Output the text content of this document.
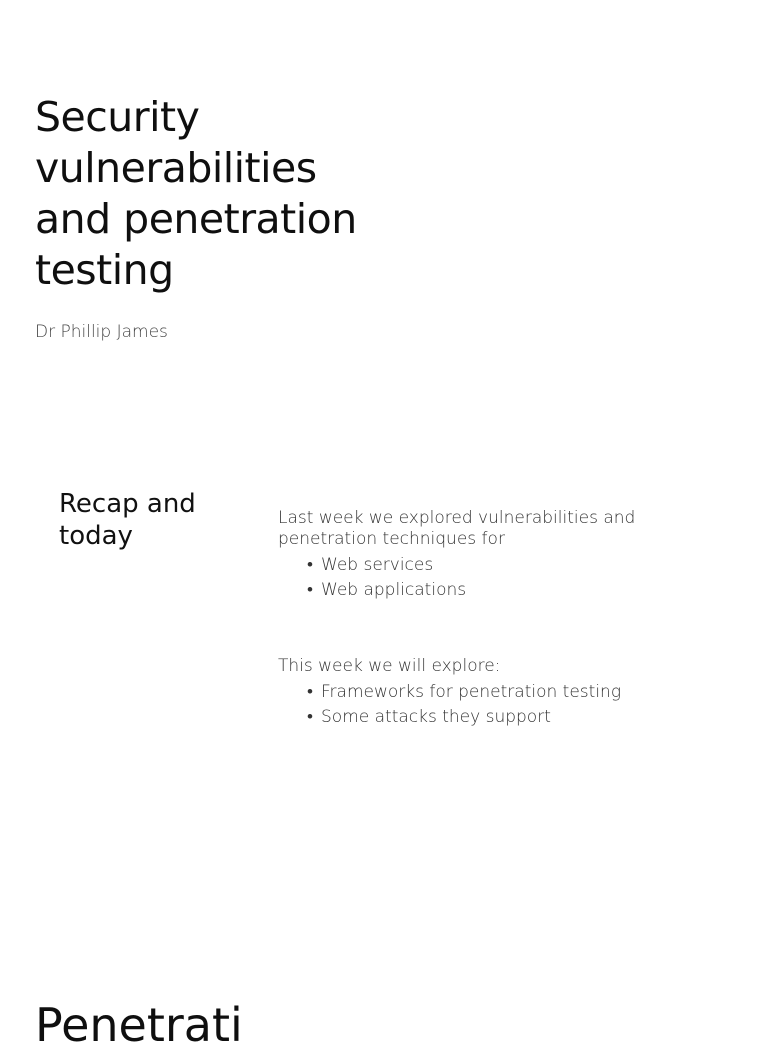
Security
vulnerabilities
and penetration
testing

Dr Phillip James

Recap and
today

Last week we explored vulnerabilities and
penetration techniques for

• Web services
• Web applications

This week we will explore:

• Frameworks for penetration testing
• Some attacks they support
Penetrati
